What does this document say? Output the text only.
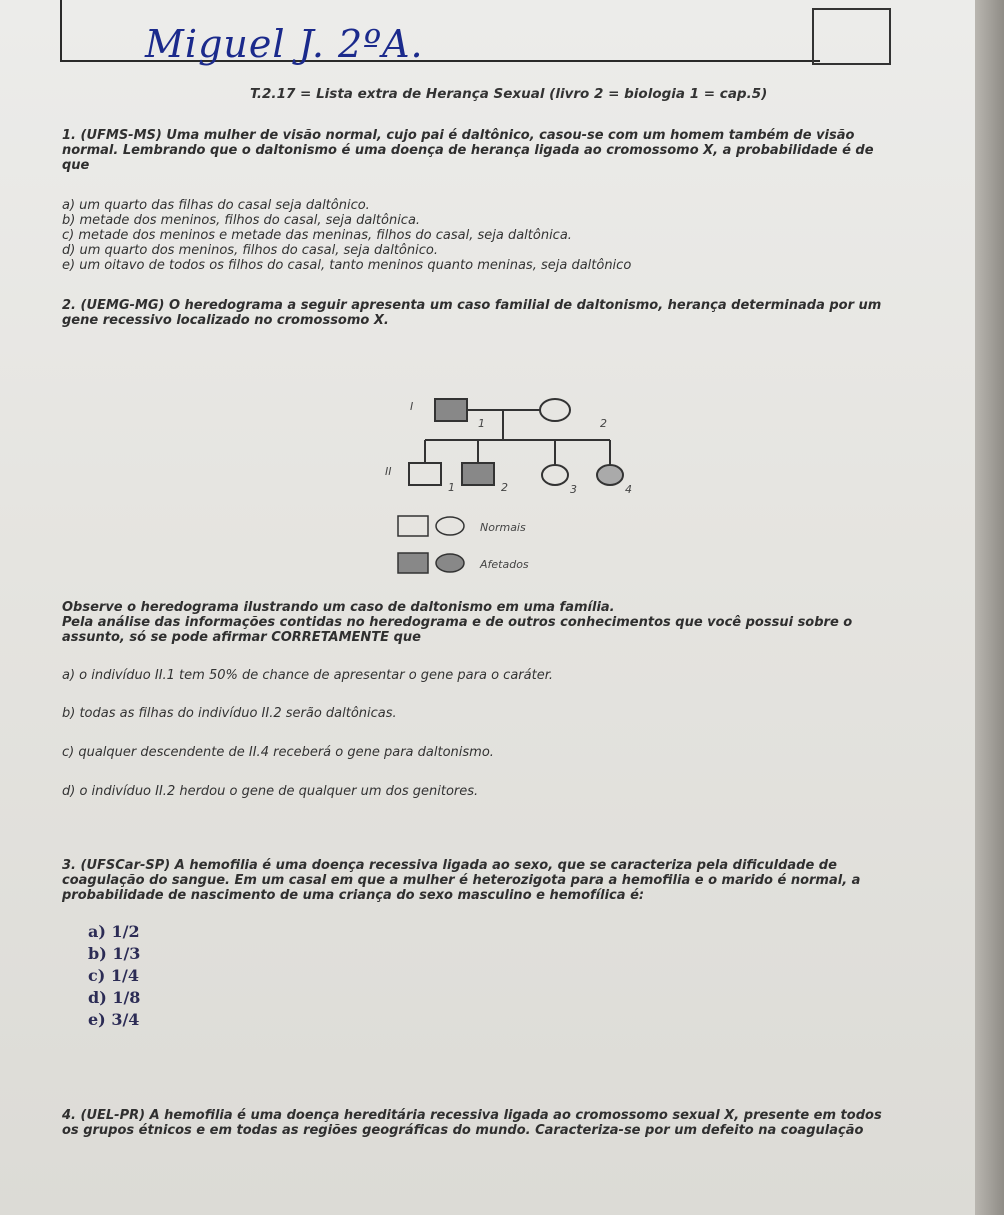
Miguel J. 2ºA.
T.2.17 = Lista extra de Herança Sexual (livro 2 = biologia 1 = cap.5)
1. (UFMS-MS) Uma mulher de visão normal, cujo pai é daltônico, casou-se com um homem também de visão
normal. Lembrando que o daltonismo é uma doença de herança ligada ao cromossomo X, a probabilidade é de
que
a) um quarto das filhas do casal seja daltônico.
b) metade dos meninos, filhos do casal, seja daltônica.
c) metade dos meninos e metade das meninas, filhos do casal, seja daltônica.
d) um quarto dos meninos, filhos do casal, seja daltônico.
e) um oitavo de todos os filhos do casal, tanto meninos quanto meninas, seja daltônico
2. (UEMG-MG) O heredograma a seguir apresenta um caso familial de daltonismo, herança determinada por um
gene recessivo localizado no cromossomo X.
I
II
1	2
1	2	3	4
Normais
Afetados
Observe o heredograma ilustrando um caso de daltonismo em uma família.
Pela análise das informações contidas no heredograma e de outros conhecimentos que você possui sobre o
assunto, só se pode afirmar CORRETAMENTE que
a) o indivíduo II.1 tem 50% de chance de apresentar o gene para o caráter.
b) todas as filhas do indivíduo II.2 serão daltônicas.
c) qualquer descendente de II.4 receberá o gene para daltonismo.
d) o indivíduo II.2 herdou o gene de qualquer um dos genitores.
3. (UFSCar-SP) A hemofilia é uma doença recessiva ligada ao sexo, que se caracteriza pela dificuldade de
coagulação do sangue. Em um casal em que a mulher é heterozigota para a hemofilia e o marido é normal, a
probabilidade de nascimento de uma criança do sexo masculino e hemofílica é:
a) 1/2
b) 1/3
c) 1/4
d) 1/8
e) 3/4
4. (UEL-PR) A hemofilia é uma doença hereditária recessiva ligada ao cromossomo sexual X, presente em todos
os grupos étnicos e em todas as regiões geográficas do mundo. Caracteriza-se por um defeito na coagulação
